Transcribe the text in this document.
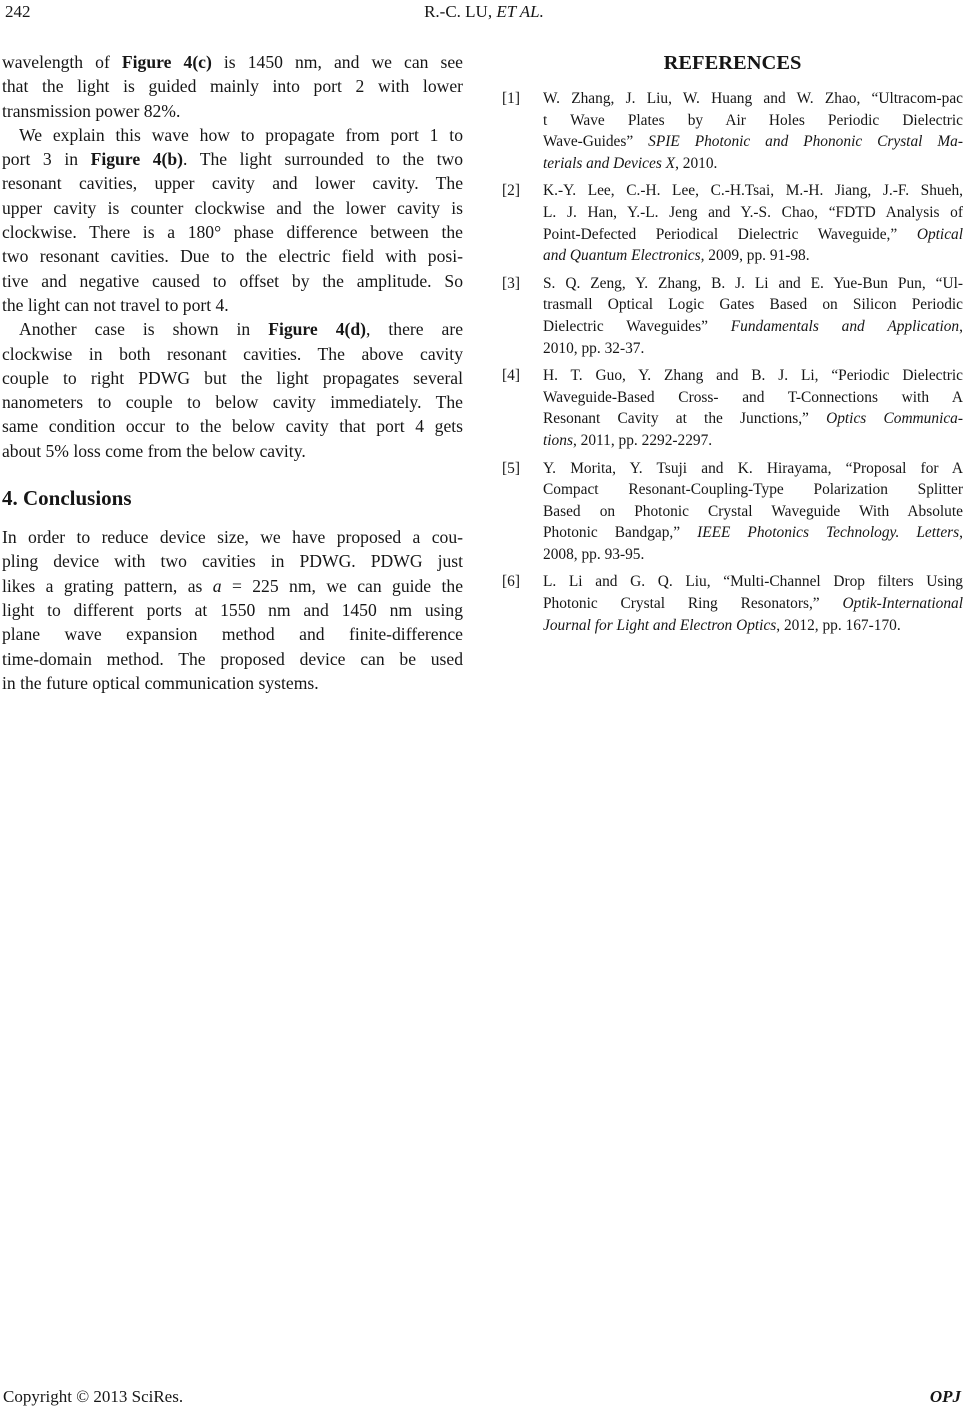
242	R.-C. LU, ET AL.
wavelength of Figure 4(c) is 1450 nm, and we can see
that the light is guided mainly into port 2 with lower
transmission power 82%.
We explain this wave how to propagate from port 1 to
port 3 in Figure 4(b). The light surrounded to the two
resonant cavities, upper cavity and lower cavity. The
upper cavity is counter clockwise and the lower cavity is
clockwise. There is a 180° phase difference between the
two resonant cavities. Due to the electric field with posi-
tive and negative caused to offset by the amplitude. So
the light can not travel to port 4.
Another case is shown in Figure 4(d), there are
clockwise in both resonant cavities. The above cavity
couple to right PDWG but the light propagates several
nanometers to couple to below cavity immediately. The
same condition occur to the below cavity that port 4 gets
about 5% loss come from the below cavity.
4. Conclusions
In order to reduce device size, we have proposed a cou-
pling device with two cavities in PDWG. PDWG just
likes a grating pattern, as a = 225 nm, we can guide the
light to different ports at 1550 nm and 1450 nm using
plane wave expansion method and finite-difference
time-domain method. The proposed device can be used
in the future optical communication systems.
REFERENCES
[1]	W. Zhang, J. Liu, W. Huang and W. Zhao, “Ultracom-pac
t Wave Plates by Air Holes Periodic Dielectric
Wave-Guides” SPIE Photonic and Phononic Crystal Ma-
terials and Devices X, 2010.
[2]	K.-Y. Lee, C.-H. Lee, C.-H.Tsai, M.-H. Jiang, J.-F. Shueh,
L. J. Han, Y.-L. Jeng and Y.-S. Chao, “FDTD Analysis of
Point-Defected Periodical Dielectric Waveguide,” Optical
and Quantum Electronics, 2009, pp. 91-98.
[3]	S. Q. Zeng, Y. Zhang, B. J. Li and E. Yue-Bun Pun, “Ul-
trasmall Optical Logic Gates Based on Silicon Periodic
Dielectric Waveguides” Fundamentals and Application,
2010, pp. 32-37.
[4]	H. T. Guo, Y. Zhang and B. J. Li, “Periodic Dielectric
Waveguide-Based Cross- and T-Connections with A
Resonant Cavity at the Junctions,” Optics Communica-
tions, 2011, pp. 2292-2297.
[5]	Y. Morita, Y. Tsuji and K. Hirayama, “Proposal for A
Compact Resonant-Coupling-Type Polarization Splitter
Based on Photonic Crystal Waveguide With Absolute
Photonic Bandgap,” IEEE Photonics Technology. Letters,
2008, pp. 93-95.
[6]	L. Li and G. Q. Liu, “Multi-Channel Drop filters Using
Photonic Crystal Ring Resonators,” Optik-International
Journal for Light and Electron Optics, 2012, pp. 167-170.
Copyright © 2013 SciRes.	OPJ
